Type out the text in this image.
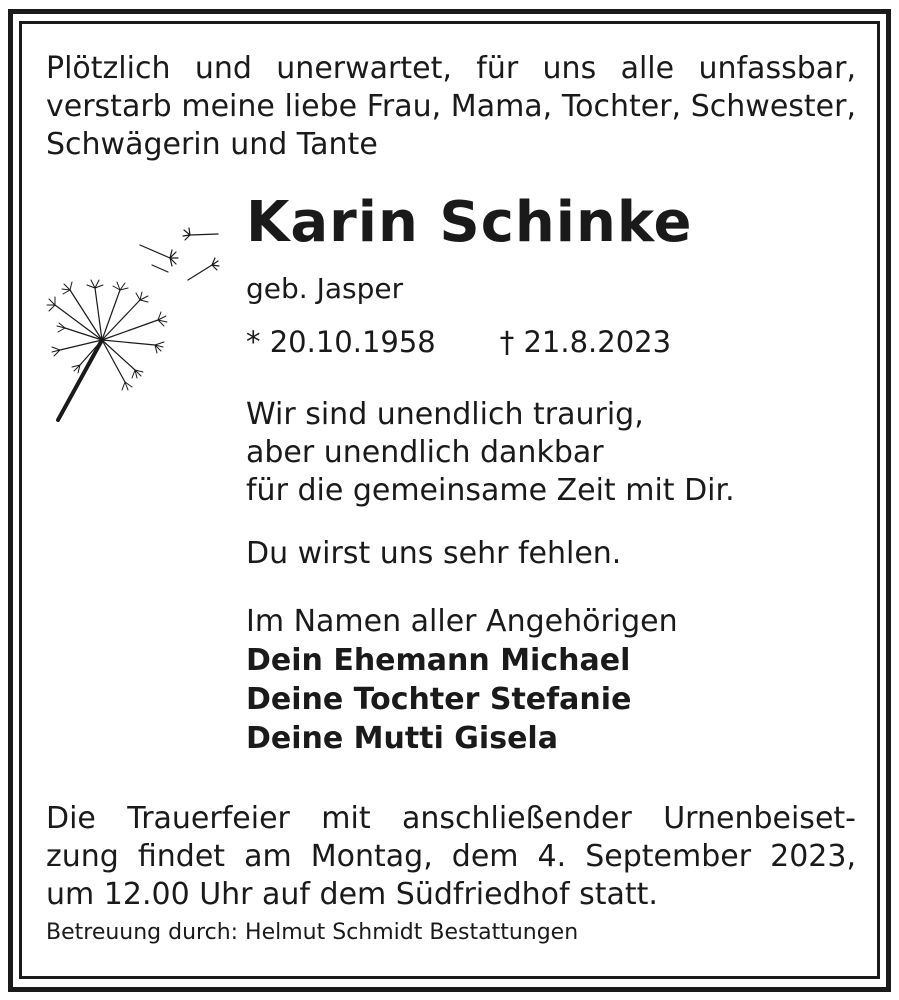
Plötzlich und unerwartet, für uns alle unfassbar,
verstarb meine liebe Frau, Mama, Tochter, Schwester,
Schwägerin und Tante
Karin Schinke
geb. Jasper
* 20.10.1958 † 21.8.2023
Wir sind unendlich traurig,
aber unendlich dankbar
für die gemeinsame Zeit mit Dir.
Du wirst uns sehr fehlen.
Im Namen aller Angehörigen
Dein Ehemann Michael
Deine Tochter Stefanie
Deine Mutti Gisela
Die Trauerfeier mit anschließender Urnenbeiset-
zung findet am Montag, dem 4. September 2023,
um 12.00 Uhr auf dem Südfriedhof statt.
Betreuung durch: Helmut Schmidt Bestattungen
